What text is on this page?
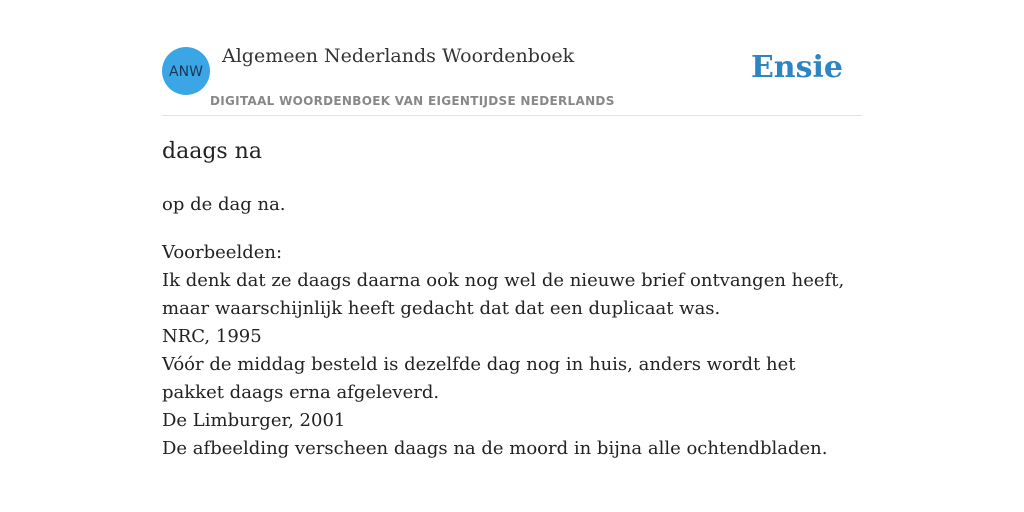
ANW
Algemeen Nederlands Woordenboek
DIGITAAL WOORDENBOEK VAN EIGENTIJDSE NEDERLANDS
Ensie
daags na
op de dag na.
Voorbeelden:
Ik denk dat ze daags daarna ook nog wel de nieuwe brief ontvangen heeft, maar waarschijnlijk heeft gedacht dat dat een duplicaat was.
NRC, 1995
Vóór de middag besteld is dezelfde dag nog in huis, anders wordt het pakket daags erna afgeleverd.
De Limburger, 2001
De afbeelding verscheen daags na de moord in bijna alle ochtendbladen.
